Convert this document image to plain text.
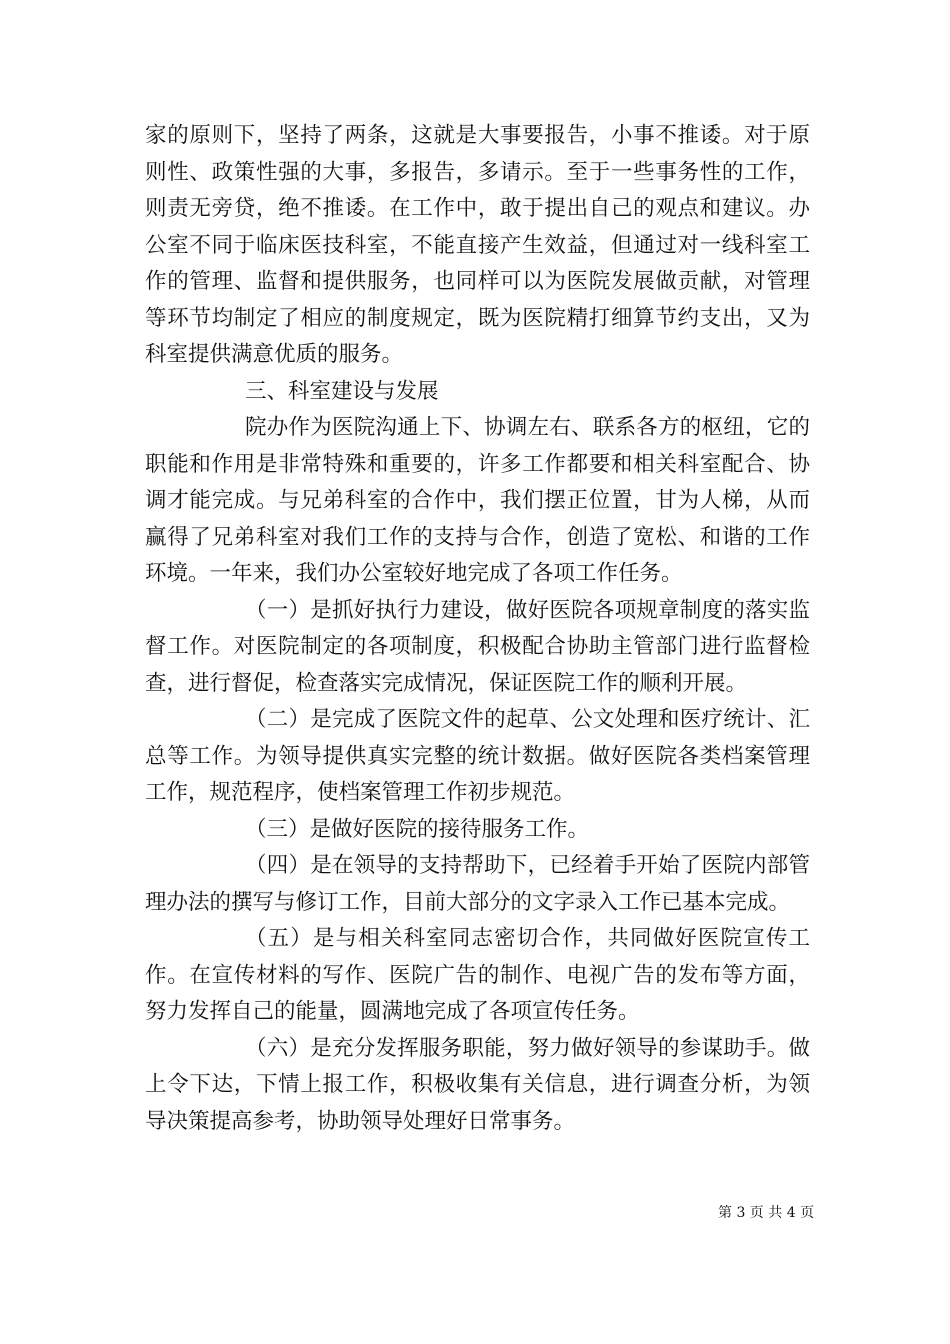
家的原则下，坚持了两条，这就是大事要报告，小事不推诿。对于原则性、政策性强的大事，多报告，多请示。至于一些事务性的工作，则责无旁贷，绝不推诿。在工作中，敢于提出自己的观点和建议。办公室不同于临床医技科室，不能直接产生效益，但通过对一线科室工作的管理、监督和提供服务，也同样可以为医院发展做贡献，对管理等环节均制定了相应的制度规定，既为医院精打细算节约支出，又为科室提供满意优质的服务。

三、科室建设与发展

院办作为医院沟通上下、协调左右、联系各方的枢纽，它的职能和作用是非常特殊和重要的，许多工作都要和相关科室配合、协调才能完成。与兄弟科室的合作中，我们摆正位置，甘为人梯，从而赢得了兄弟科室对我们工作的支持与合作，创造了宽松、和谐的工作环境。一年来，我们办公室较好地完成了各项工作任务。

（一）是抓好执行力建设，做好医院各项规章制度的落实监督工作。对医院制定的各项制度，积极配合协助主管部门进行监督检查，进行督促，检查落实完成情况，保证医院工作的顺利开展。

（二）是完成了医院文件的起草、公文处理和医疗统计、汇总等工作。为领导提供真实完整的统计数据。做好医院各类档案管理工作，规范程序，使档案管理工作初步规范。

（三）是做好医院的接待服务工作。

（四）是在领导的支持帮助下，已经着手开始了医院内部管理办法的撰写与修订工作，目前大部分的文字录入工作已基本完成。

（五）是与相关科室同志密切合作，共同做好医院宣传工作。在宣传材料的写作、医院广告的制作、电视广告的发布等方面，努力发挥自己的能量，圆满地完成了各项宣传任务。

（六）是充分发挥服务职能，努力做好领导的参谋助手。做上令下达，下情上报工作，积极收集有关信息，进行调查分析，为领导决策提高参考，协助领导处理好日常事务。

第 3 页 共 4 页
